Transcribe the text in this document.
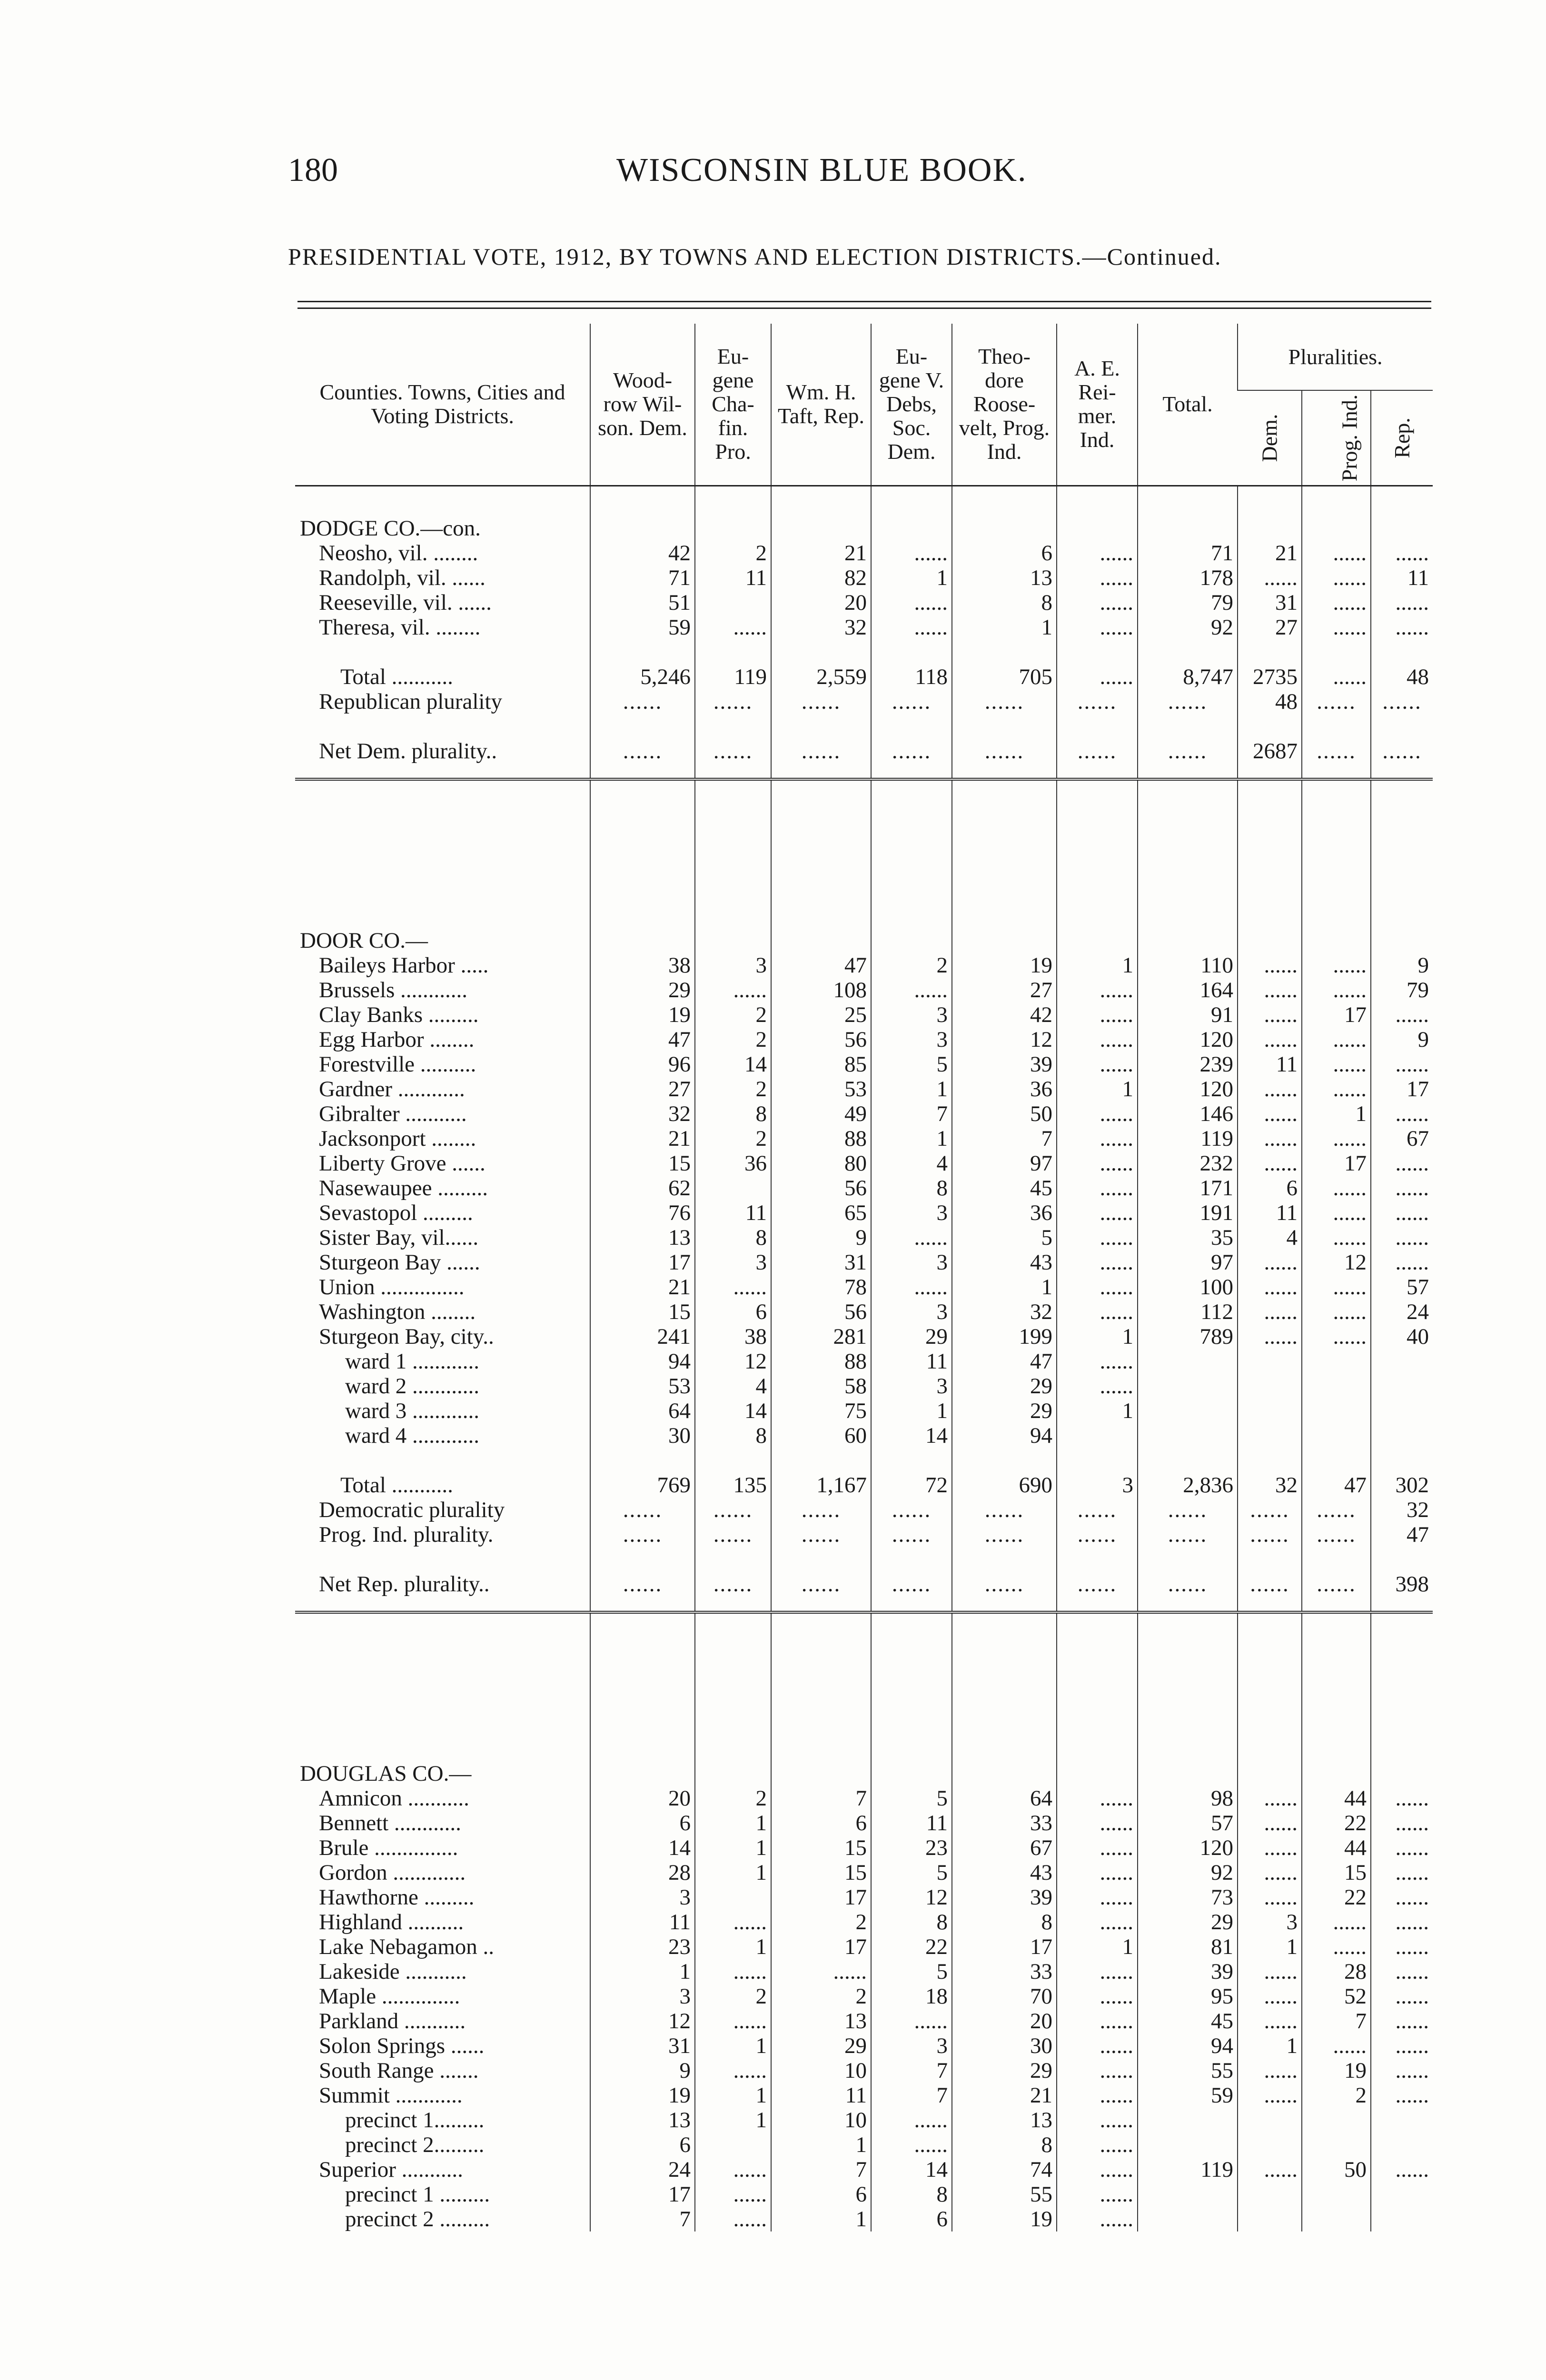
180	WISCONSIN BLUE BOOK.
PRESIDENTIAL VOTE, 1912, BY TOWNS AND ELECTION DISTRICTS.—Continued.
Counties. Towns, Cities and Voting Districts.	Wood- row Wil- son. Dem.	Eu- gene Cha- fin. Pro.	Wm. H. Taft, Rep.	Eu- gene V. Debs, Soc. Dem.	Theo- dore Roose- velt, Prog. Ind.	A. E. Rei- mer. Ind.	Total.	Pluralities.		
								Dem.	Prog. Ind.	Rep.

DODGE CO.—con.										
Neosho, vil. ........	42	2	21	......	6	......	71	21	......	......
Randolph, vil. ......	71	11	82	1	13	......	178	......	......	11
Reeseville, vil. ......	51		20	......	8	......	79	31	......	......
Theresa, vil. ........	59	......	32	......	1	......	92	27	......	......

Total ...........	5,246	119	2,559	118	705	......	8,747	2735	......	48
Republican plurality	......	......	......	......	......	......	......	48	......	......

Net Dem. plurality..	......	......	......	......	......	......	......	2687	......	......

DOOR CO.—										
Baileys Harbor .....	38	3	47	2	19	1	110	......	......	9
Brussels ............	29	......	108	......	27	......	164	......	......	79
Clay Banks .........	19	2	25	3	42	......	91	......	17	......
Egg Harbor ........	47	2	56	3	12	......	120	......	......	9
Forestville ..........	96	14	85	5	39	......	239	11	......	......
Gardner ............	27	2	53	1	36	1	120	......	......	17
Gibralter ...........	32	8	49	7	50	......	146	......	1	......
Jacksonport ........	21	2	88	1	7	......	119	......	......	67
Liberty Grove ......	15	36	80	4	97	......	232	......	17	......
Nasewaupee .........	62		56	8	45	......	171	6	......	......
Sevastopol .........	76	11	65	3	36	......	191	11	......	......
Sister Bay, vil......	13	8	9	......	5	......	35	4	......	......
Sturgeon Bay ......	17	3	31	3	43	......	97	......	12	......
Union ...............	21	......	78	......	1	......	100	......	......	57
Washington ........	15	6	56	3	32	......	112	......	......	24
Sturgeon Bay, city..	241	38	281	29	199	1	789	......	......	40
ward 1 ............	94	12	88	11	47	......				
ward 2 ............	53	4	58	3	29	......				
ward 3 ............	64	14	75	1	29	1				
ward 4 ............	30	8	60	14	94					

Total ...........	769	135	1,167	72	690	3	2,836	32	47	302
Democratic plurality	......	......	......	......	......	......	......	......	......	32
Prog. Ind. plurality.	......	......	......	......	......	......	......	......	......	47

Net Rep. plurality..	......	......	......	......	......	......	......	......	......	398

DOUGLAS CO.—										
Amnicon ...........	20	2	7	5	64	......	98	......	44	......
Bennett ............	6	1	6	11	33	......	57	......	22	......
Brule ...............	14	1	15	23	67	......	120	......	44	......
Gordon .............	28	1	15	5	43	......	92	......	15	......
Hawthorne .........	3		17	12	39	......	73	......	22	......
Highland ..........	11	......	2	8	8	......	29	3	......	......
Lake Nebagamon ..	23	1	17	22	17	1	81	1	......	......
Lakeside ...........	1	......	......	5	33	......	39	......	28	......
Maple ..............	3	2	2	18	70	......	95	......	52	......
Parkland ...........	12	......	13	......	20	......	45	......	7	......
Solon Springs ......	31	1	29	3	30	......	94	1	......	......
South Range .......	9	......	10	7	29	......	55	......	19	......
Summit ............	19	1	11	7	21	......	59	......	2	......
precinct 1.........	13	1	10	......	13	......				
precinct 2.........	6		1	......	8	......				
Superior ...........	24	......	7	14	74	......	119	......	50	......
precinct 1 .........	17	......	6	8	55	......				
precinct 2 .........	7	......	1	6	19	......				
